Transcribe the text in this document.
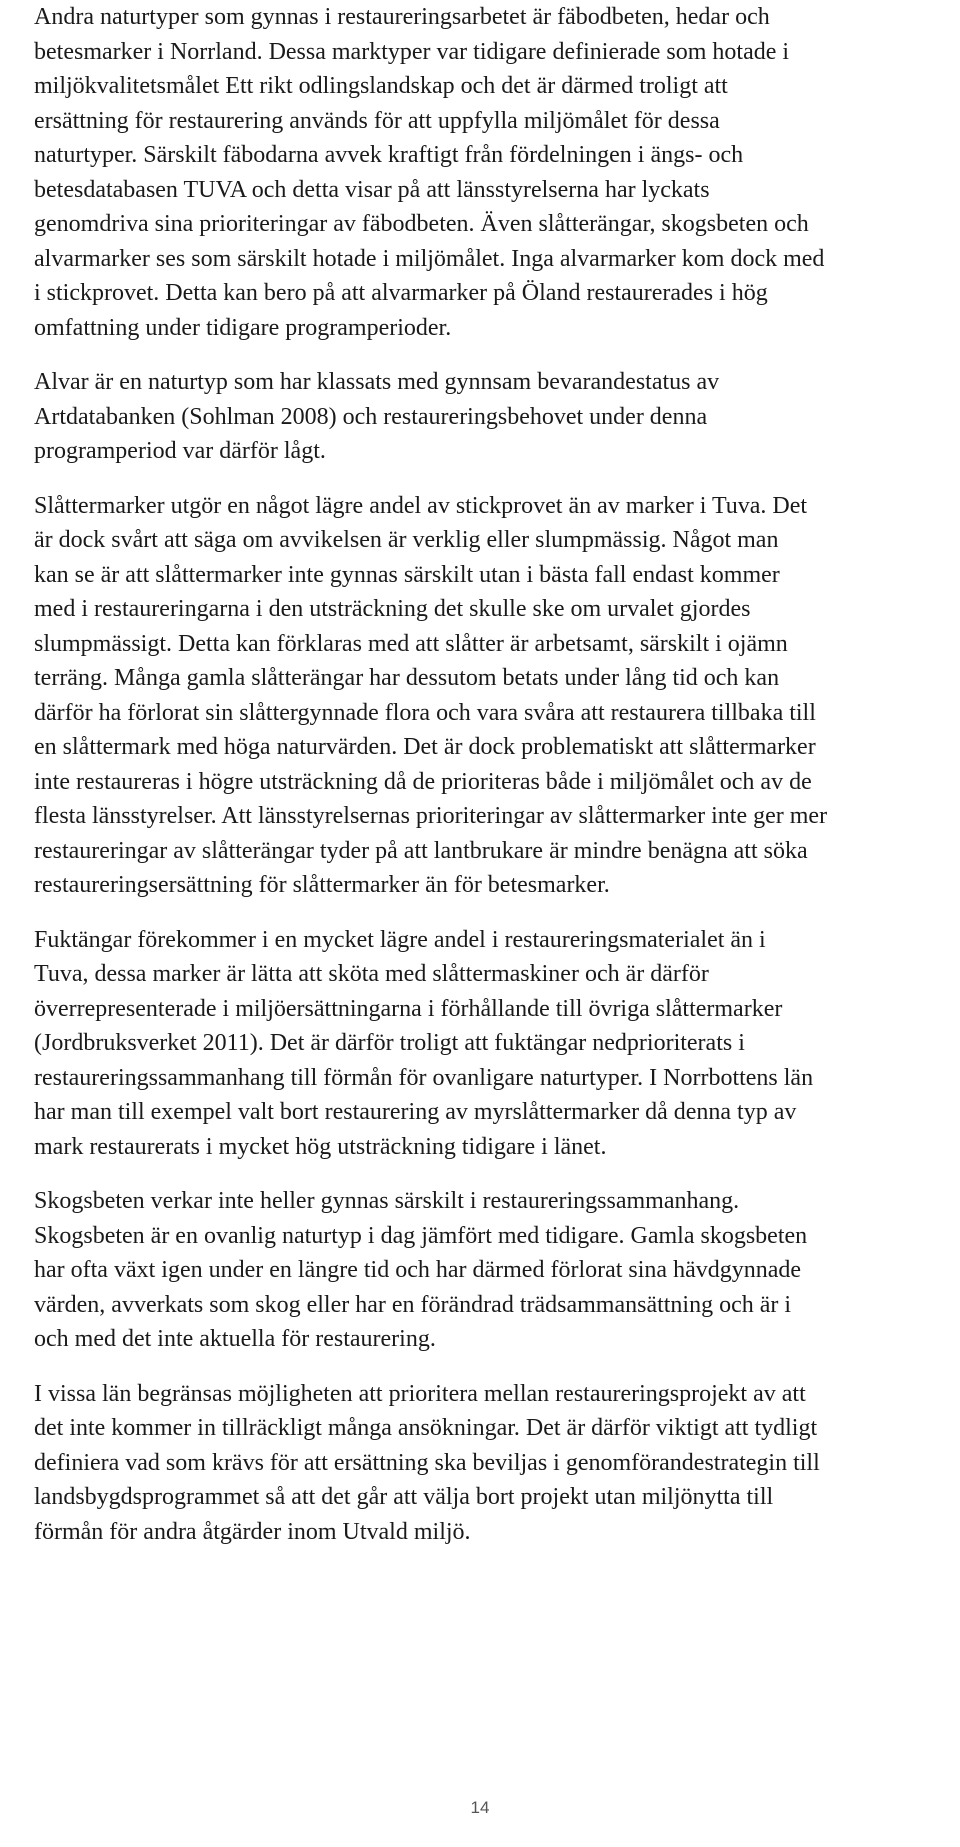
Andra naturtyper som gynnas i restaureringsarbetet är fäbodbeten, hedar och
betesmarker i Norrland. Dessa marktyper var tidigare definierade som hotade i
miljökvalitetsmålet Ett rikt odlingslandskap och det är därmed troligt att
ersättning för restaurering används för att uppfylla miljömålet för dessa
naturtyper. Särskilt fäbodarna avvek kraftigt från fördelningen i ängs- och
betesdatabasen TUVA och detta visar på att länsstyrelserna har lyckats
genomdriva sina prioriteringar av fäbodbeten. Även slåtterängar, skogsbeten och
alvarmarker ses som särskilt hotade i miljömålet. Inga alvarmarker kom dock med
i stickprovet. Detta kan bero på att alvarmarker på Öland restaurerades i hög
omfattning under tidigare programperioder.

Alvar är en naturtyp som har klassats med gynnsam bevarandestatus av
Artdatabanken (Sohlman 2008) och restaureringsbehovet under denna
programperiod var därför lågt.

Slåttermarker utgör en något lägre andel av stickprovet än av marker i Tuva. Det
är dock svårt att säga om avvikelsen är verklig eller slumpmässig. Något man
kan se är att slåttermarker inte gynnas särskilt utan i bästa fall endast kommer
med i restaureringarna i den utsträckning det skulle ske om urvalet gjordes
slumpmässigt. Detta kan förklaras med att slåtter är arbetsamt, särskilt i ojämn
terräng. Många gamla slåtterängar har dessutom betats under lång tid och kan
därför ha förlorat sin slåttergynnade flora och vara svåra att restaurera tillbaka till
en slåttermark med höga naturvärden. Det är dock problematiskt att slåttermarker
inte restaureras i högre utsträckning då de prioriteras både i miljömålet och av de
flesta länsstyrelser. Att länsstyrelsernas prioriteringar av slåttermarker inte ger mer
restaureringar av slåtterängar tyder på att lantbrukare är mindre benägna att söka
restaureringsersättning för slåttermarker än för betesmarker.

Fuktängar förekommer i en mycket lägre andel i restaureringsmaterialet än i
Tuva, dessa marker är lätta att sköta med slåttermaskiner och är därför
överrepresenterade i miljöersättningarna i förhållande till övriga slåttermarker
(Jordbruksverket 2011). Det är därför troligt att fuktängar nedprioriterats i
restaureringssammanhang till förmån för ovanligare naturtyper. I Norrbottens län
har man till exempel valt bort restaurering av myrslåttermarker då denna typ av
mark restaurerats i mycket hög utsträckning tidigare i länet.

Skogsbeten verkar inte heller gynnas särskilt i restaureringssammanhang.
Skogsbeten är en ovanlig naturtyp i dag jämfört med tidigare. Gamla skogsbeten
har ofta växt igen under en längre tid och har därmed förlorat sina hävdgynnade
värden, avverkats som skog eller har en förändrad trädsammansättning och är i
och med det inte aktuella för restaurering.

I vissa län begränsas möjligheten att prioritera mellan restaureringsprojekt av att
det inte kommer in tillräckligt många ansökningar. Det är därför viktigt att tydligt
definiera vad som krävs för att ersättning ska beviljas i genomförandestrategin till
landsbygdsprogrammet så att det går att välja bort projekt utan miljönytta till
förmån för andra åtgärder inom Utvald miljö.

14
